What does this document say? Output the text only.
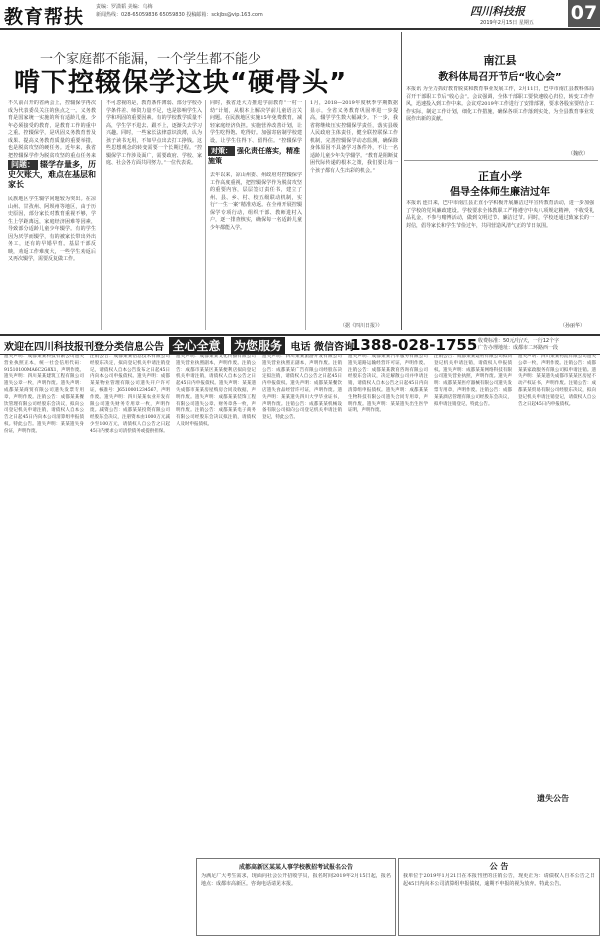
教育帮扶 责编：罗潇韬 美编：乌梅
新闻热线：028-65059836 65059830 投稿邮箱：sckjbs@vip.163.com	四川科技报
2019年2月15日 星期五 07
一个家庭都不能漏，一个学生都不能少
啃下控辍保学这块“硬骨头”
不久前召开的省两会上，控辍保学再次成为代表委员关注的焦点之一。义务教育是国家统一实施的所有适龄儿童、少年必须接受的教育，是教育工作的重中之重。控辍保学，是巩固义务教育普及成果、提高义务教育质量的重要举措，也是脱贫攻坚的硬任务。近年来，我省把控辍保学作为脱贫攻坚的重点任务来
问题： 辍学存量多，历史欠账大，难点在基层和家长
民族地区学生辍学问题较为突出。在凉山州、甘孜州、阿坝州等地区，由于历史原因，部分家长对教育重视不够，学生上学距离远，家庭经济困难等因素，导致部分适龄儿童少年辍学。有的学生因为厌学而辍学，有的被家长带出外出务工，还有的早婚早育。基层干部反映，劝返工作难度大，一些学生劝返后又再次辍学，需要反复做工作。
不可忽视的是，教育条件薄弱、部分学校办学条件差、师资力量不足，也是影响学生入学和巩固的重要因素。有的学校教学质量不高，学生学不进去、跟不上，逐渐失去学习兴趣。同时，一些家长法律意识淡薄，认为孩子读书无用，不如早点出去打工挣钱。这些思想观念的转变需要一个长期过程。“控辍保学工作涉及面广，需要政府、学校、家庭、社会各方面共同努力。”一位代表说。
对策： 强化责任落实，精准施策
去年以来，凉山州委、州政府对控辍保学工作高度重视，把控辍保学作为脱贫攻坚的重要内容，层层签订责任书，建立了州、县、乡、村、校五级联动机制，实行“一生一案”精准劝返。在全州开展控辍保学专项行动，组织干部、教师进村入户，逐一排查核实，确保每一名适龄儿童少年都能入学。
同时，我省还大力推进学前教育“一村一幼”计划，从根本上解决学前儿童语言关问题。在民族地区实施15年免费教育，减轻家庭经济负担。实施营养改善计划，让学生吃得饱、吃得好。加强寄宿制学校建设，让学生住得下、留得住。“控辍保学
1月，2018—2019年度秋季学期数据显示，全省义务教育巩固率进一步提高，辍学学生数大幅减少。下一步，我省将继续压实控辍保学责任，落实县级人民政府主体责任，健全联控联保工作机制，完善控辍保学动态监测，确保除身体原因不具备学习条件外，不让一名适龄儿童少年失学辍学。“教育是阻断贫困代际传递的根本之策，我们要让每一个孩子都有人生出彩的机会。”
（据《四川日报》）
南江县
教科体局召开节后“收心会”
本报讯 为全力抓好教育脱贫和教育事业发展工作，2月11日，巴中市南江县教科体局召开干部职工节后“收心会”。会议强调，全体干部职工要快速收心归位，转变工作作风，迅速投入到工作中来。会议对2019年工作进行了安排部署，要求各股室要结合工作实际，制定工作计划，细化工作措施，确保各项工作落到实处，为全县教育事业发展作出新的贡献。
（魏欣）
正直小学
倡导全体师生廉洁过年
本报讯 连日来，巴中市南江县正直小学积极开展廉洁过年宣传教育活动，进一步加强了学校的党风廉政建设。学校要求全体教职工严格遵守中央八项规定精神，不收受礼品礼金，不参与赌博活动，做到文明过节、廉洁过节。同时，学校还通过致家长的一封信，倡导家长和学生节俭过年，共同营造风清气正的节日氛围。
（孙丽华）
欢迎在四川科技报刊登分类信息公告 全心全意 为您服务 电话 微信咨询
1388-028-1755 收费标准：50元/行/天，一行12个字
广告办理地址：成都市二环路西一段
遗失声明：成都某某科技有限公司遗失营业执照正本，统一社会信用代码：91510100MA6C2G8X1，声明作废。遗失声明：四川某某建筑工程有限公司遗失公章一枚，声明作废。遗失声明：成都某某商贸有限公司遗失发票专用章，声明作废。注销公告：成都某某餐饮管理有限公司经股东会决议，拟向公司登记机关申请注销，请债权人自本公告之日起45日内向本公司清算组申报债权。特此公告。遗失声明：某某遗失身份证，声明作废。
注销公告：成都某某信息技术有限公司经股东决定，拟向登记机关申请注销登记，请债权人自本公告发布之日起45日内向本公司申报债权。遗失声明：成都某某物业管理有限公司遗失开户许可证，核准号：J6510001234567，声明作废。遗失声明：四川某某农业开发有限公司遗失财务专用章一枚，声明作废。减资公告：成都某某投资有限公司经股东会决议，注册资本由1000万元减少至100万元，请债权人自公告之日起45日内要求公司清偿债务或提供担保。
遗失声明：成都某某文化传播有限公司遗失营业执照副本，声明作废。注销公告：成都市某某区某某便利店拟向登记机关申请注销，请债权人自本公告之日起45日内申报债权。遗失声明：某某遗失成都市某某房屋购房合同及收据，声明作废。遗失声明：成都某某装饰工程有限公司遗失公章、财务章各一枚，声明作废。注销公告：成都某某电子商务有限公司经股东会决议拟注销，请债权人及时申报债权。
遗失声明：四川某某旅游开发有限公司遗失营业执照正副本，声明作废。注销公告：成都某某广告有限公司经股东决定拟注销，请债权人自公告之日起45日内申报债权。遗失声明：成都某某餐饮店遗失食品经营许可证，声明作废。遗失声明：某某遗失四川大学毕业证书，声明作废。注销公告：成都某某机械设备有限公司拟向公司登记机关申请注销登记，特此公告。
遗失声明：成都某某汽车服务有限公司遗失道路运输经营许可证，声明作废。注销公告：成都某某教育咨询有限公司经股东会决议，决定解散公司并申请注销，请债权人自本公告之日起45日内向清算组申报债权。遗失声明：成都某某生物科技有限公司遗失合同专用章，声明作废。遗失声明：某某遗失出生医学证明，声明作废。
注销公告：成都某某建材有限公司拟向登记机关申请注销，请债权人申报债权。遗失声明：成都某某网络科技有限公司遗失营业执照，声明作废。遗失声明：成都某某医疗器械有限公司遗失发票专用章，声明作废。注销公告：成都某某酒店管理有限公司经股东会决议，拟申请注销登记，特此公告。
遗失声明：四川某某物流有限公司遗失公章一枚，声明作废。注销公告：成都某某家政服务有限公司拟申请注销。遗失声明：某某遗失成都市某某区房屋不动产权证书，声明作废。注销公告：成都某某贸易有限公司经股东决议，拟向登记机关申请注销登记，请债权人自公告之日起45日内申报债权。
遗失公告
成都高新区某某人事学校教招考试报名公告
为满足广大考生需求，现面向社会公开招收学员，报名时间2019年2月15日起，报名地点：成都市高新区。咨询电话请见本报。
公 告
我单位于2019年1月21日在本报刊登的注销公告，现更正为：请债权人自本公告之日起45日内向本公司清算组申报债权，逾期不申报的视为放弃。特此公告。
